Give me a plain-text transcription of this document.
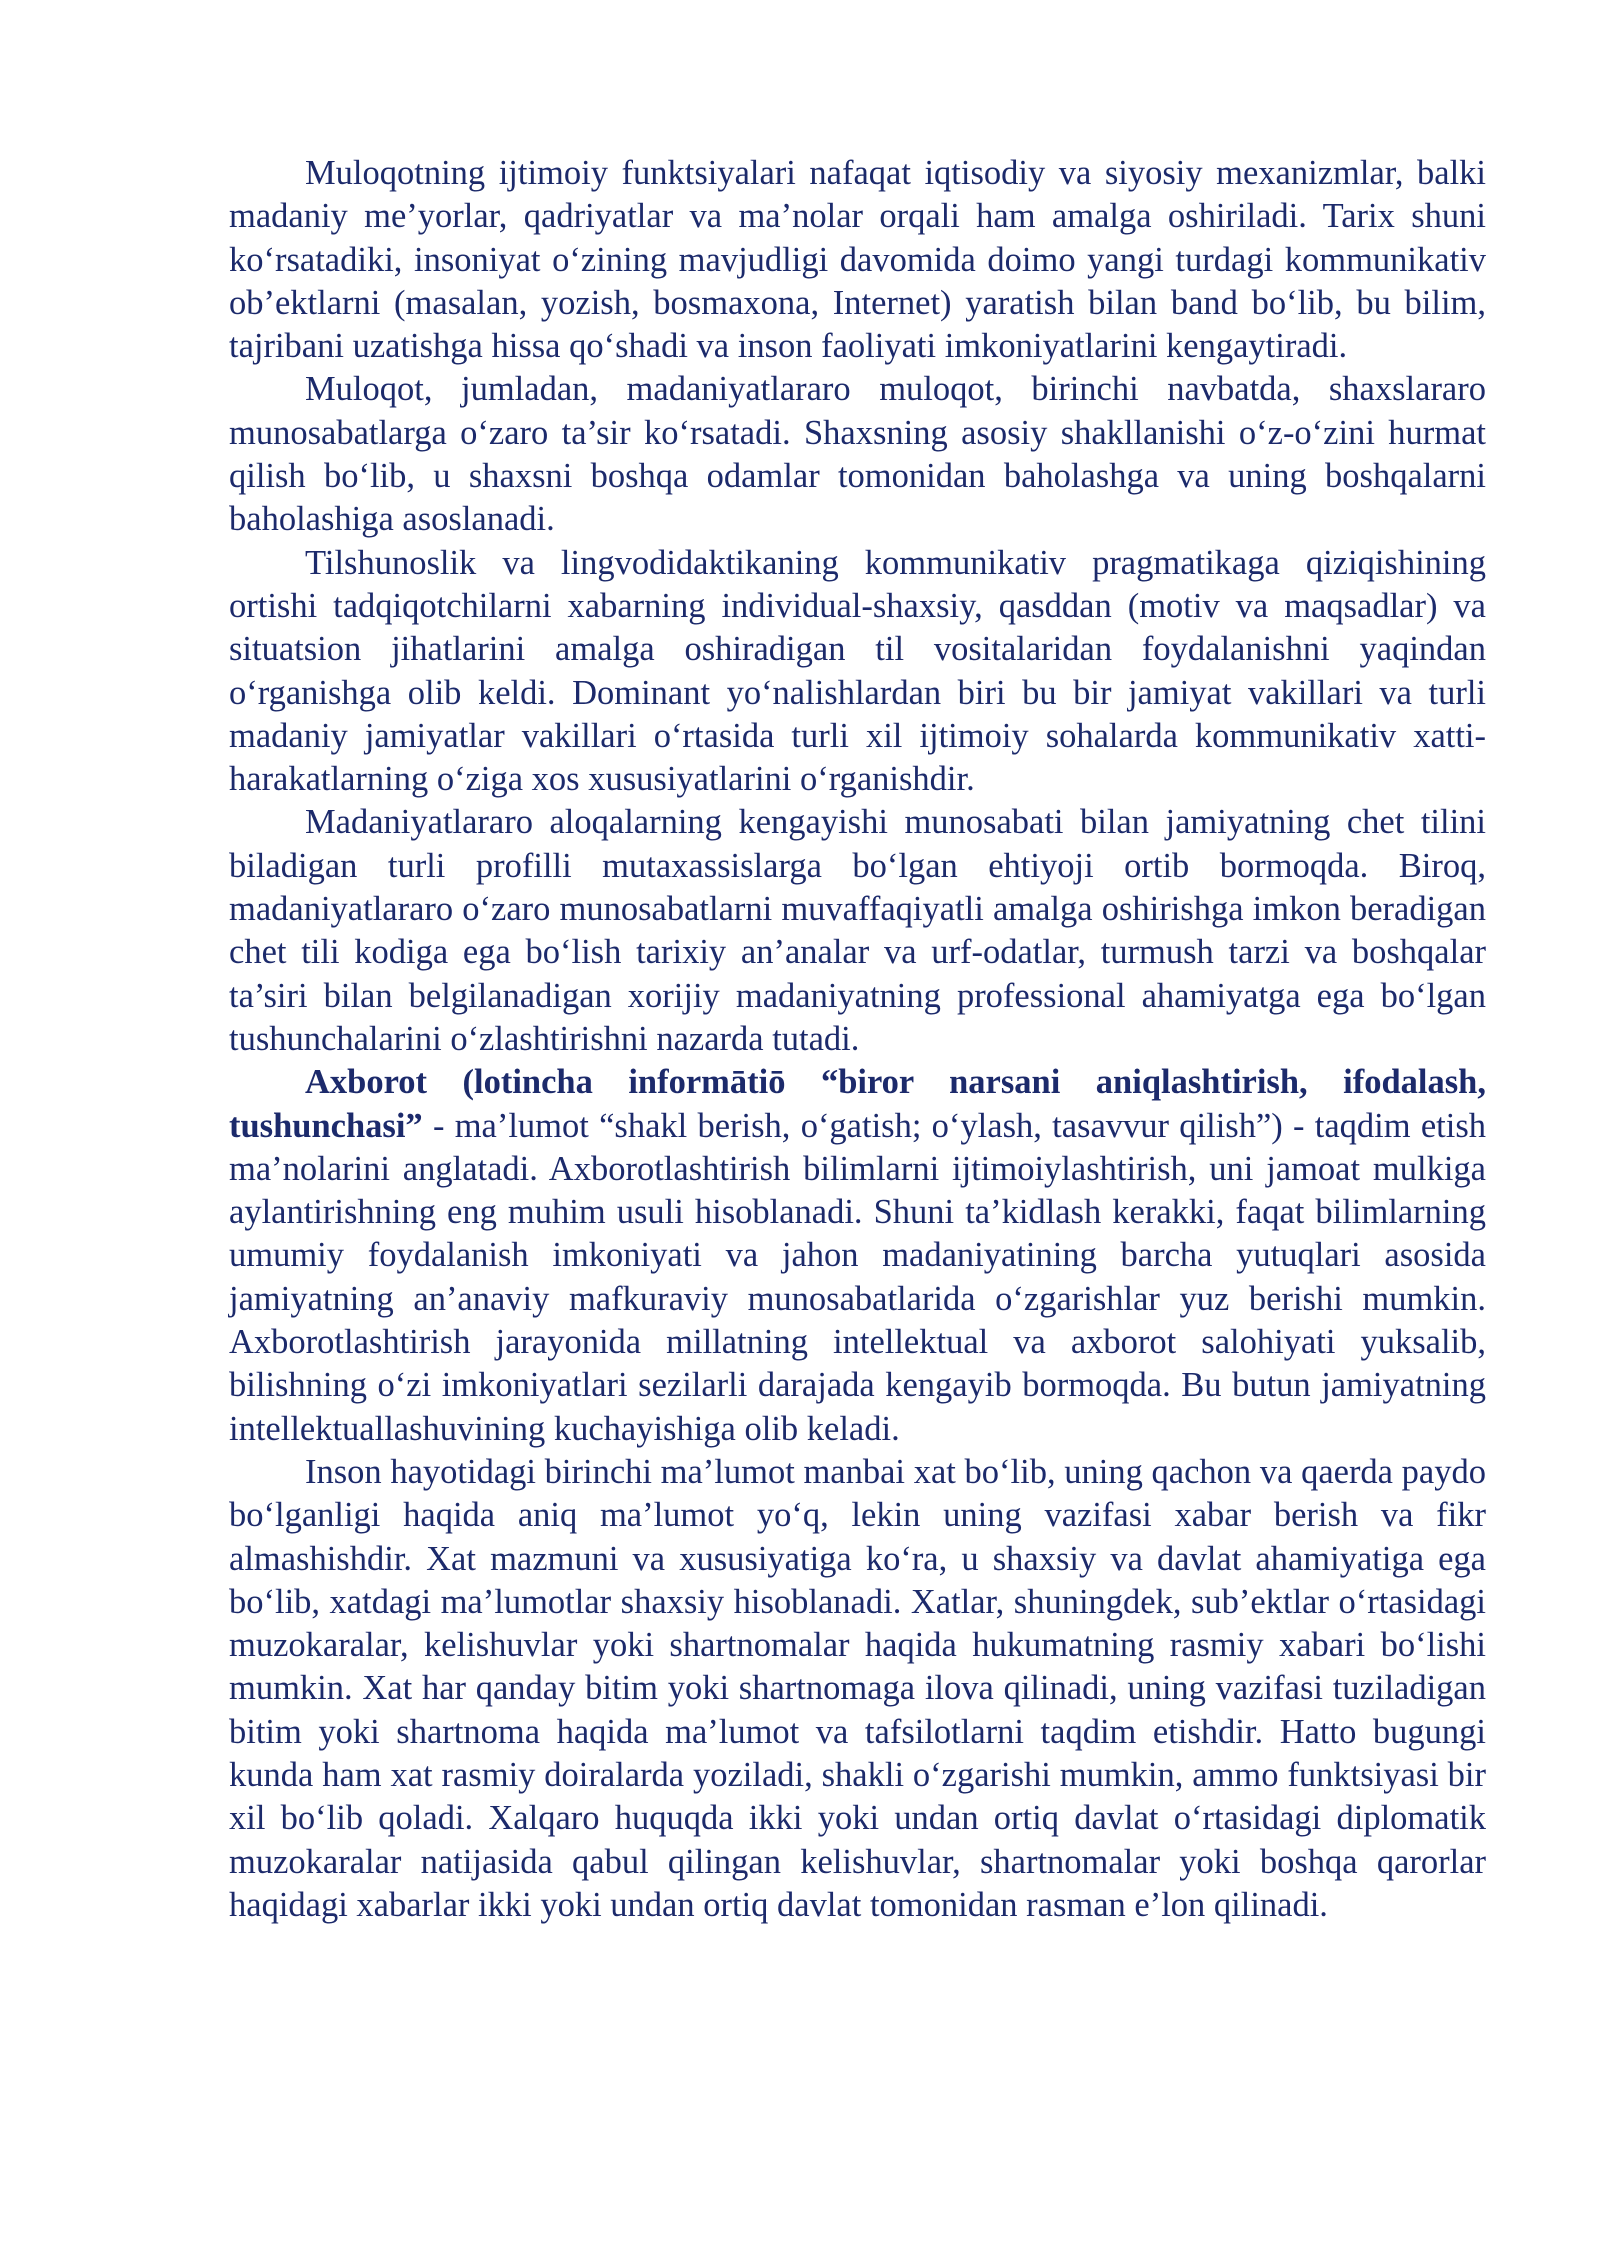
Muloqotning ijtimoiy funktsiyalari nafaqat iqtisodiy va siyosiy mexanizmlar, balki madaniy me’yorlar, qadriyatlar va ma’nolar orqali ham amalga oshiriladi. Tarix shuni ko‘rsatadiki, insoniyat o‘zining mavjudligi davomida doimo yangi turdagi kommunikativ ob’ektlarni (masalan, yozish, bosmaxona, Internet) yaratish bilan band bo‘lib, bu bilim, tajribani uzatishga hissa qo‘shadi va inson faoliyati imkoniyatlarini kengaytiradi.

Muloqot, jumladan, madaniyatlararo muloqot, birinchi navbatda, shaxslararo munosabatlarga o‘zaro ta’sir ko‘rsatadi. Shaxsning asosiy shakllanishi o‘z-o‘zini hurmat qilish bo‘lib, u shaxsni boshqa odamlar tomonidan baholashga va uning boshqalarni baholashiga asoslanadi.

Tilshunoslik va lingvodidaktikaning kommunikativ pragmatikaga qiziqishining ortishi tadqiqotchilarni xabarning individual-shaxsiy, qasddan (motiv va maqsadlar) va situatsion jihatlarini amalga oshiradigan til vositalaridan foydalanishni yaqindan o‘rganishga olib keldi. Dominant yo‘nalishlardan biri bu bir jamiyat vakillari va turli madaniy jamiyatlar vakillari o‘rtasida turli xil ijtimoiy sohalarda kommunikativ xatti- harakatlarning o‘ziga xos xususiyatlarini o‘rganishdir.

Madaniyatlararo aloqalarning kengayishi munosabati bilan jamiyatning chet tilini biladigan turli profilli mutaxassislarga bo‘lgan ehtiyoji ortib bormoqda. Biroq, madaniyatlararo o‘zaro munosabatlarni muvaffaqiyatli amalga oshirishga imkon beradigan chet tili kodiga ega bo‘lish tarixiy an’analar va urf-odatlar, turmush tarzi va boshqalar ta’siri bilan belgilanadigan xorijiy madaniyatning professional ahamiyatga ega bo‘lgan tushunchalarini o‘zlashtirishni nazarda tutadi.

Axborot (lotincha informātiō “biror narsani aniqlashtirish, ifodalash, tushunchasi” - ma’lumot “shakl berish, o‘gatish; o‘ylash, tasavvur qilish”) - taqdim etish ma’nolarini anglatadi. Axborotlashtirish bilimlarni ijtimoiylashtirish, uni jamoat mulkiga aylantirishning eng muhim usuli hisoblanadi. Shuni ta’kidlash kerakki, faqat bilimlarning umumiy foydalanish imkoniyati va jahon madaniyatining barcha yutuqlari asosida jamiyatning an’anaviy mafkuraviy munosabatlarida o‘zgarishlar yuz berishi mumkin. Axborotlashtirish jarayonida millatning intellektual va axborot salohiyati yuksalib, bilishning o‘zi imkoniyatlari sezilarli darajada kengayib bormoqda. Bu butun jamiyatning intellektuallashuvining kuchayishiga olib keladi.

Inson hayotidagi birinchi ma’lumot manbai xat bo‘lib, uning qachon va qaerda paydo bo‘lganligi haqida aniq ma’lumot yo‘q, lekin uning vazifasi xabar berish va fikr almashishdir. Xat mazmuni va xususiyatiga ko‘ra, u shaxsiy va davlat ahamiyatiga ega bo‘lib, xatdagi ma’lumotlar shaxsiy hisoblanadi. Xatlar, shuningdek, sub’ektlar o‘rtasidagi muzokaralar, kelishuvlar yoki shartnomalar haqida hukumatning rasmiy xabari bo‘lishi mumkin. Xat har qanday bitim yoki shartnomaga ilova qilinadi, uning vazifasi tuziladigan bitim yoki shartnoma haqida ma’lumot va tafsilotlarni taqdim etishdir. Hatto bugungi kunda ham xat rasmiy doiralarda yoziladi, shakli o‘zgarishi mumkin, ammo funktsiyasi bir xil bo‘lib qoladi. Xalqaro huquqda ikki yoki undan ortiq davlat o‘rtasidagi diplomatik muzokaralar natijasida qabul qilingan kelishuvlar, shartnomalar yoki boshqa qarorlar haqidagi xabarlar ikki yoki undan ortiq davlat tomonidan rasman e’lon qilinadi.
